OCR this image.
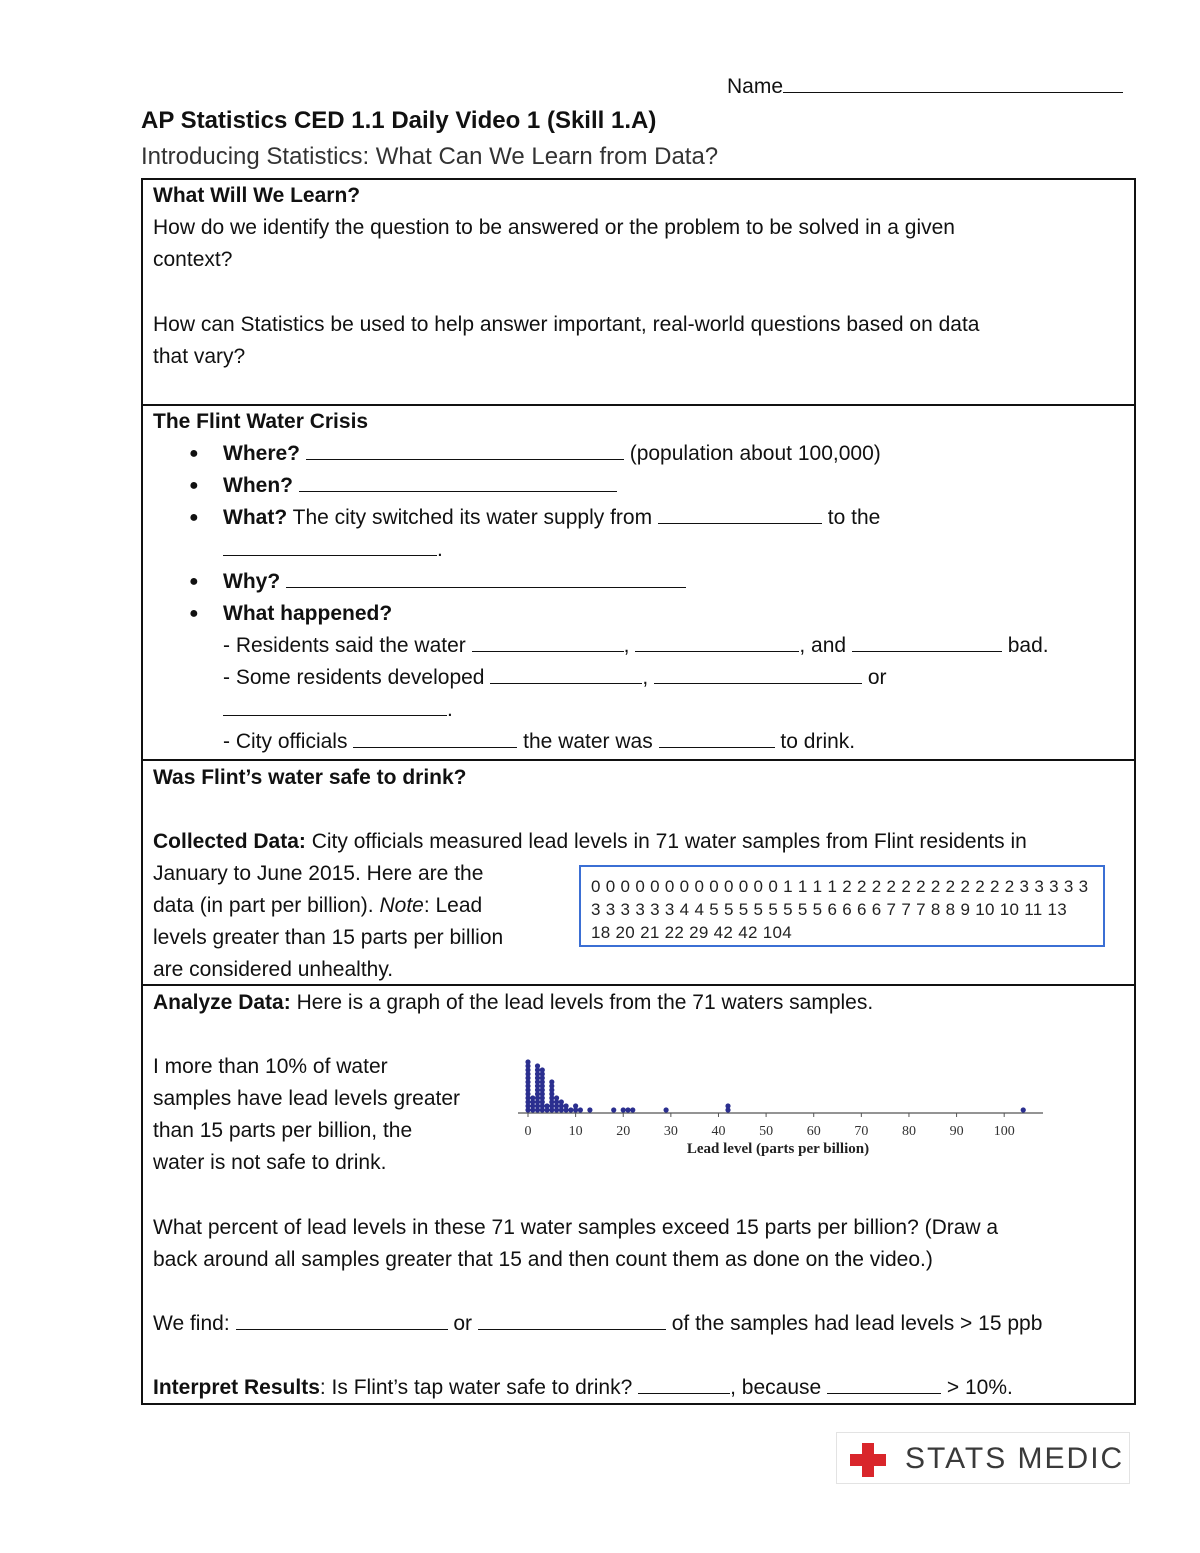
Name
AP Statistics CED 1.1 Daily Video 1 (Skill 1.A)
Introducing Statistics: What Can We Learn from Data?
What Will We Learn?
How do we identify the question to be answered or the problem to be solved in a given
context?
How can Statistics be used to help answer important, real-world questions based on data
that vary?
The Flint Water Crisis
● Where?	(population about 100,000)
● When?
● What? The city switched its water supply from	to the
.
● Why?
● What happened?
- Residents said the water	,	, and	bad.
- Some residents developed	,	or
.
- City officials	the water was	to drink.
Was Flint’s water safe to drink?
Collected Data: City officials measured lead levels in 71 water samples from Flint residents in
January to June 2015. Here are the
data (in part per billion). Note: Lead
levels greater than 15 parts per billion
are considered unhealthy.
0 0 0 0 0 0 0 0 0 0 0 0 0 1 1 1 1 2 2 2 2 2 2 2 2 2 2 2 2 3 3 3 3 3
3 3 3 3 3 3 4 4 5 5 5 5 5 5 5 5 6 6 6 6 7 7 7 8 8 9 10 10 11 13
18 20 21 22 29 42 42 104
Analyze Data: Here is a graph of the lead levels from the 71 waters samples.
I more than 10% of water
samples have lead levels greater
than 15 parts per billion, the
water is not safe to drink.
0	10 20 30 40 50 60 70 80 90 100
Lead level (parts per billion)
What percent of lead levels in these 71 water samples exceed 15 parts per billion? (Draw a
back around all samples greater that 15 and then count them as done on the video.)
We find:	or	of the samples had lead levels > 15 ppb
Interpret Results: Is Flint’s tap water safe to drink?	, because	> 10%.
STATS MEDIC
